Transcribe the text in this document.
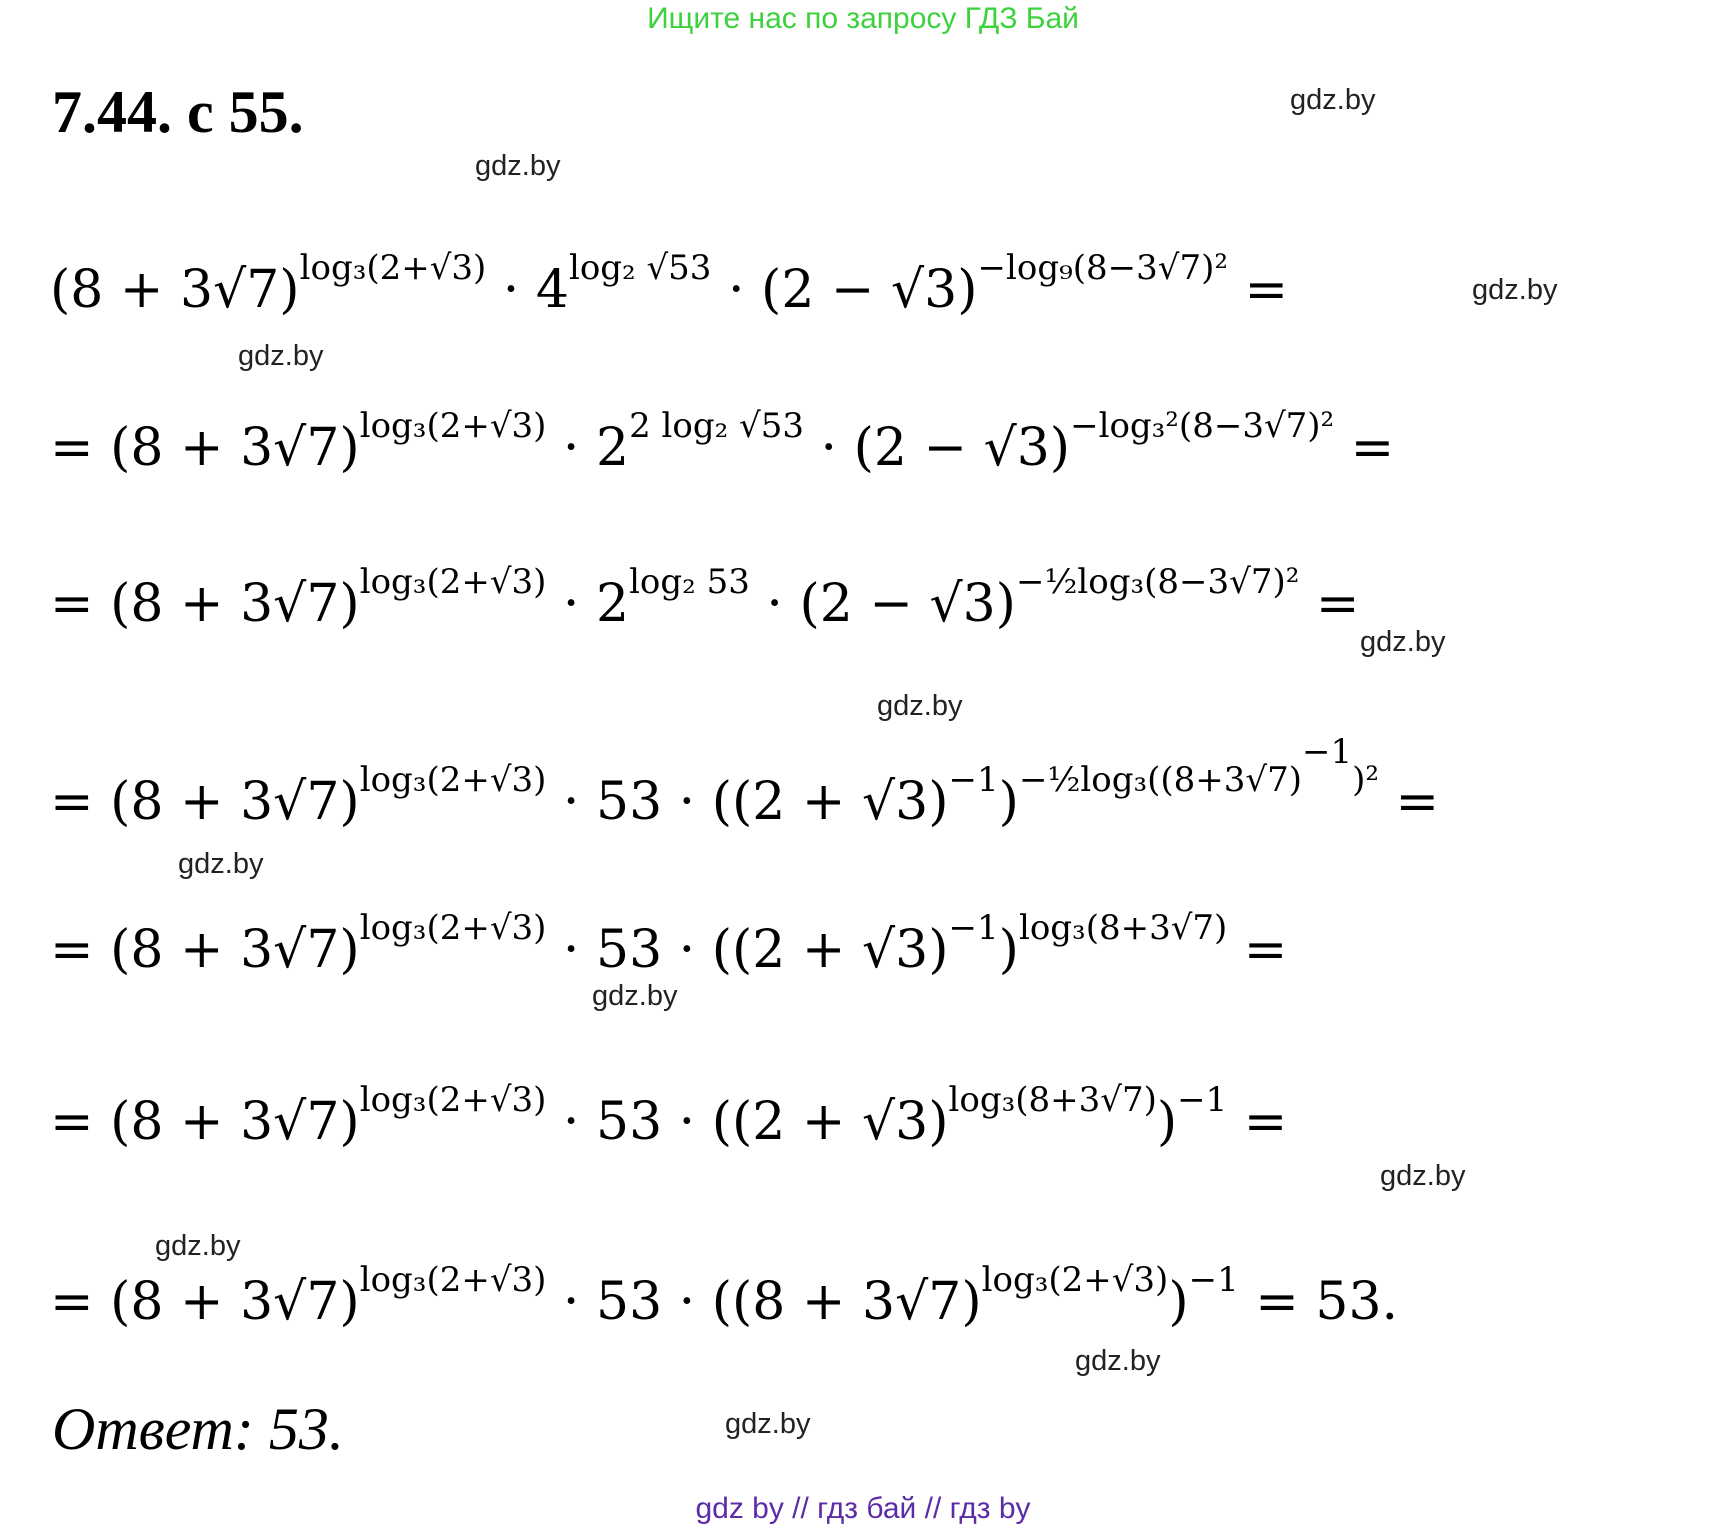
Ищите нас по запросу ГДЗ Бай
7.44. с 55.	gdz.by
gdz.by
gdz.by
gdz.by
gdz.by
gdz.by
gdz.by
gdz.by
gdz.by
gdz.by
gdz.by
gdz.by
$(8 + 3√7)^{log_3(2+√3)} \cdot 4^{log_2 √53} \cdot (2 - √3)^{-log_9(8-3√7)^2}$ =
= $(8 + 3√7)^{log_3(2+√3)} \cdot 2^{2 log_2 √53} \cdot (2 - √3)^{-log_3^2(8-3√7)^2}$ =
= $(8 + 3√7)^{log_3(2+√3)} \cdot 2^{log_2 53} \cdot (2 - √3)^{-\frac{1}{2}log_3(8-3√7)^2}$ =
= $(8 + 3√7)^{log_3(2+√3)} \cdot 53 \cdot ((2 + √3)^{-1})^{-\frac{1}{2}log_3((8+3√7)^{-1})^2}$ =
= $(8 + 3√7)^{log_3(2+√3)} \cdot 53 \cdot ((2 + √3)^{-1})^{log_3(8+3√7)}$ =
= $(8 + 3√7)^{log_3(2+√3)} \cdot 53 \cdot ((2 + √3)^{log_3(8+3√7)})^{-1}$ =
= $(8 + 3√7)^{log_3(2+√3)} \cdot 53 \cdot ((8 + 3√7)^{log_3(2+√3)})^{-1} = 53$.
Ответ: 53.
gdz by // гдз бай // гдз by
